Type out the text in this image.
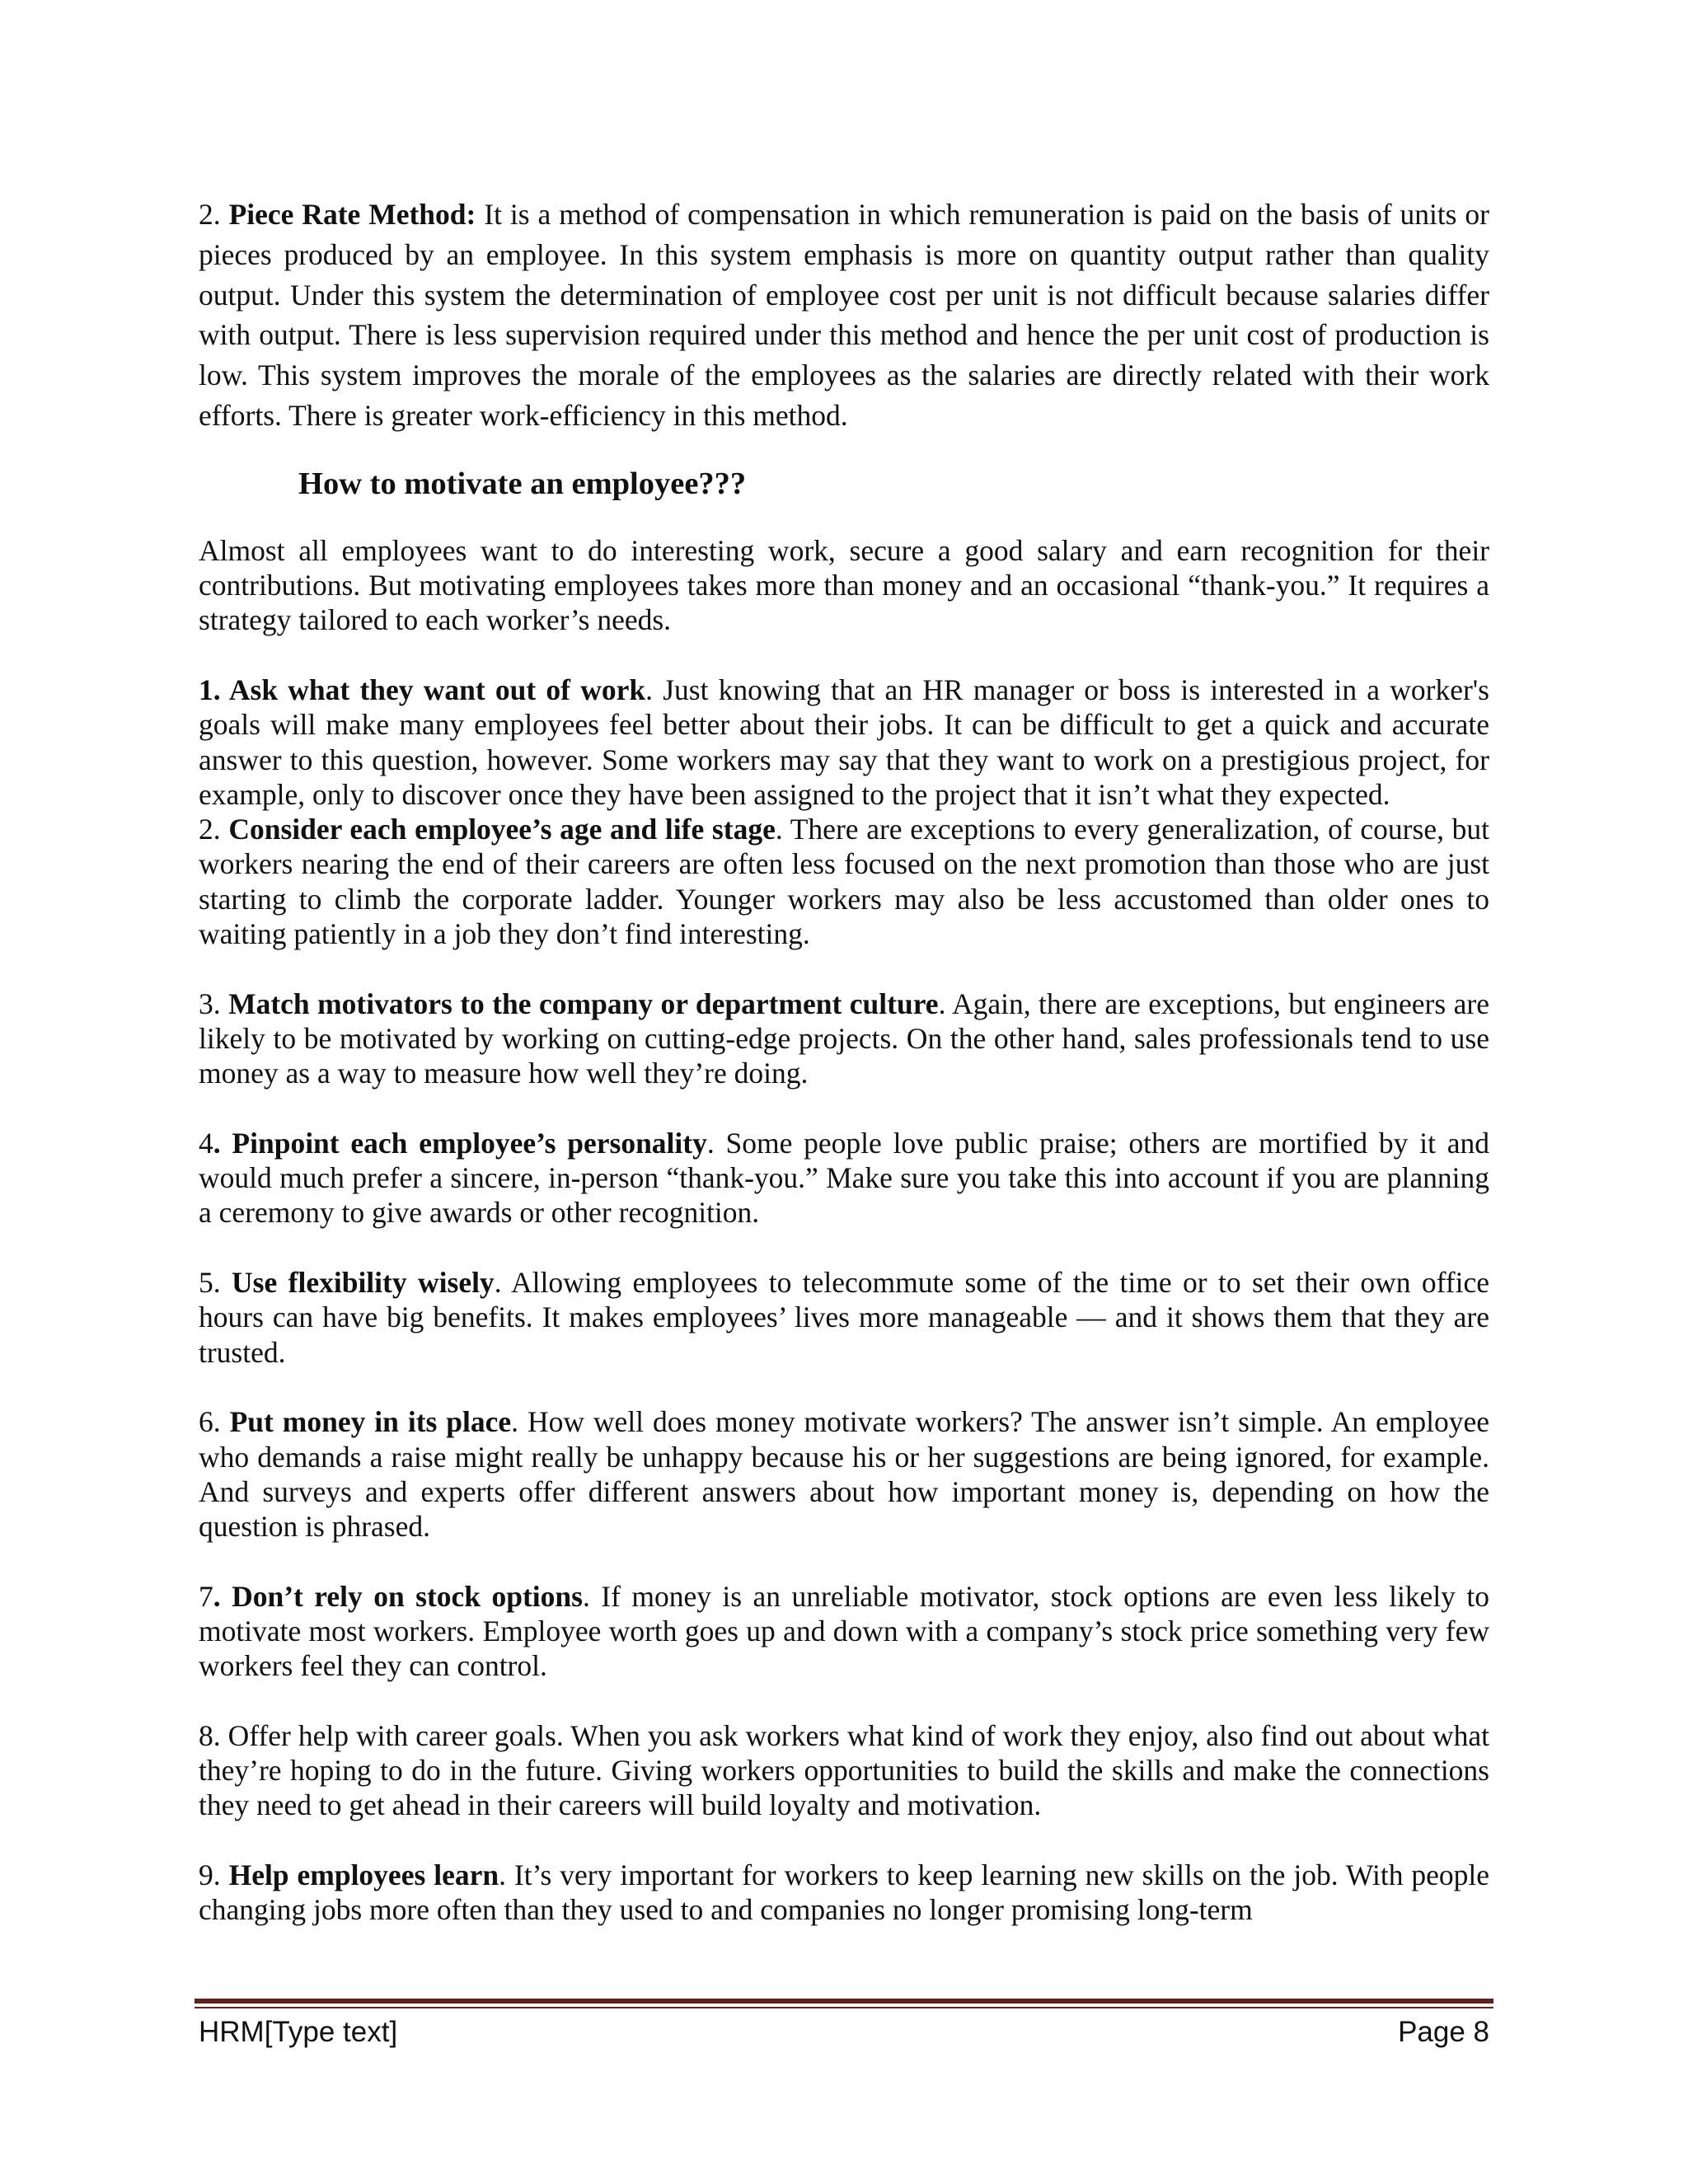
2. Piece Rate Method: It is a method of compensation in which remuneration is paid on the basis of units or pieces produced by an employee. In this system emphasis is more on quantity output rather than quality output. Under this system the determination of employee cost per unit is not difficult because salaries differ with output. There is less supervision required under this method and hence the per unit cost of production is low. This system improves the morale of the employees as the salaries are directly related with their work efforts. There is greater work-efficiency in this method.

How to motivate an employee???

Almost all employees want to do interesting work, secure a good salary and earn recognition for their contributions. But motivating employees takes more than money and an occasional “thank-you.” It requires a strategy tailored to each worker’s needs.

1. Ask what they want out of work. Just knowing that an HR manager or boss is interested in a worker's goals will make many employees feel better about their jobs. It can be difficult to get a quick and accurate answer to this question, however. Some workers may say that they want to work on a prestigious project, for example, only to discover once they have been assigned to the project that it isn’t what they expected.

2. Consider each employee’s age and life stage. There are exceptions to every generalization, of course, but workers nearing the end of their careers are often less focused on the next promotion than those who are just starting to climb the corporate ladder. Younger workers may also be less accustomed than older ones to waiting patiently in a job they don’t find interesting.

3. Match motivators to the company or department culture. Again, there are exceptions, but engineers are likely to be motivated by working on cutting-edge projects. On the other hand, sales professionals tend to use money as a way to measure how well they’re doing.

4. Pinpoint each employee’s personality. Some people love public praise; others are mortified by it and would much prefer a sincere, in-person “thank-you.” Make sure you take this into account if you are planning a ceremony to give awards or other recognition.

5. Use flexibility wisely. Allowing employees to telecommute some of the time or to set their own office hours can have big benefits. It makes employees’ lives more manageable — and it shows them that they are trusted.

6. Put money in its place. How well does money motivate workers? The answer isn’t simple. An employee who demands a raise might really be unhappy because his or her suggestions are being ignored, for example. And surveys and experts offer different answers about how important money is, depending on how the question is phrased.

7. Don’t rely on stock options. If money is an unreliable motivator, stock options are even less likely to motivate most workers. Employee worth goes up and down with a company’s stock price something very few workers feel they can control.

8. Offer help with career goals. When you ask workers what kind of work they enjoy, also find out about what they’re hoping to do in the future. Giving workers opportunities to build the skills and make the connections they need to get ahead in their careers will build loyalty and motivation.

9. Help employees learn. It’s very important for workers to keep learning new skills on the job. With people changing jobs more often than they used to and companies no longer promising long-term

HRM[Type text]	Page 8
